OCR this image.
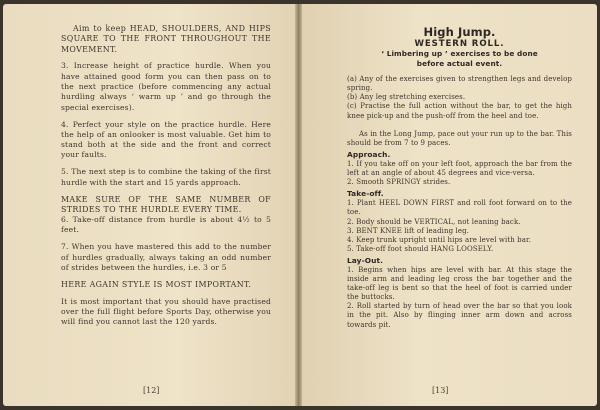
Aim to keep HEAD, SHOULDERS, AND HIPS SQUARE TO THE FRONT THROUGHOUT THE MOVEMENT.

3. Increase height of practice hurdle. When you have attained good form you can then pass on to the next practice (before commencing any actual hurdling always ‘ warm up ’ and go through the special exercises).

4. Perfect your style on the practice hurdle. Here the help of an onlooker is most valuable. Get him to stand both at the side and the front and correct your faults.

5. The next step is to combine the taking of the first hurdle with the start and 15 yards approach.

MAKE SURE OF THE SAME NUMBER OF STRIDES TO THE HURDLE EVERY TIME.

6. Take-off distance from hurdle is about 4½ to 5 feet.

7. When you have mastered this add to the number of hurdles gradually, always taking an odd number of strides between the hurdles, i.e. 3 or 5

HERE AGAIN STYLE IS MOST IMPORTANT.

It is most important that you should have practised over the full flight before Sports Day, otherwise you will find you cannot last the 120 yards.

[12]
High Jump.
WESTERN ROLL.
‘ Limbering up ’ exercises to be done
before actual event.

(a) Any of the exercises given to strengthen legs and develop spring.

(b) Any leg stretching exercises.

(c) Practise the full action without the bar, to get the high knee pick-up and the push-off from the heel and toe.

As in the Long Jump, pace out your run up to the bar. This should be from 7 to 9 paces.

Approach.

1. If you take off on your left foot, approach the bar from the left at an angle of about 45 degrees and vice-versa.

2. Smooth SPRINGY strides.

Take-off.

1. Plant HEEL DOWN FIRST and roll foot forward on to the toe.

2. Body should be VERTICAL, not leaning back.

3. BENT KNEE lift of leading leg.

4. Keep trunk upright until hips are level with bar.

5. Take-off foot should HANG LOOSELY.

Lay-Out.

1. Begins when hips are level with bar. At this stage the inside arm and leading leg cross the bar together and the take-off leg is bent so that the heel of foot is carried under the buttocks.

2. Roll started by turn of head over the bar so that you look in the pit. Also by flinging inner arm down and across towards pit.

[13]
